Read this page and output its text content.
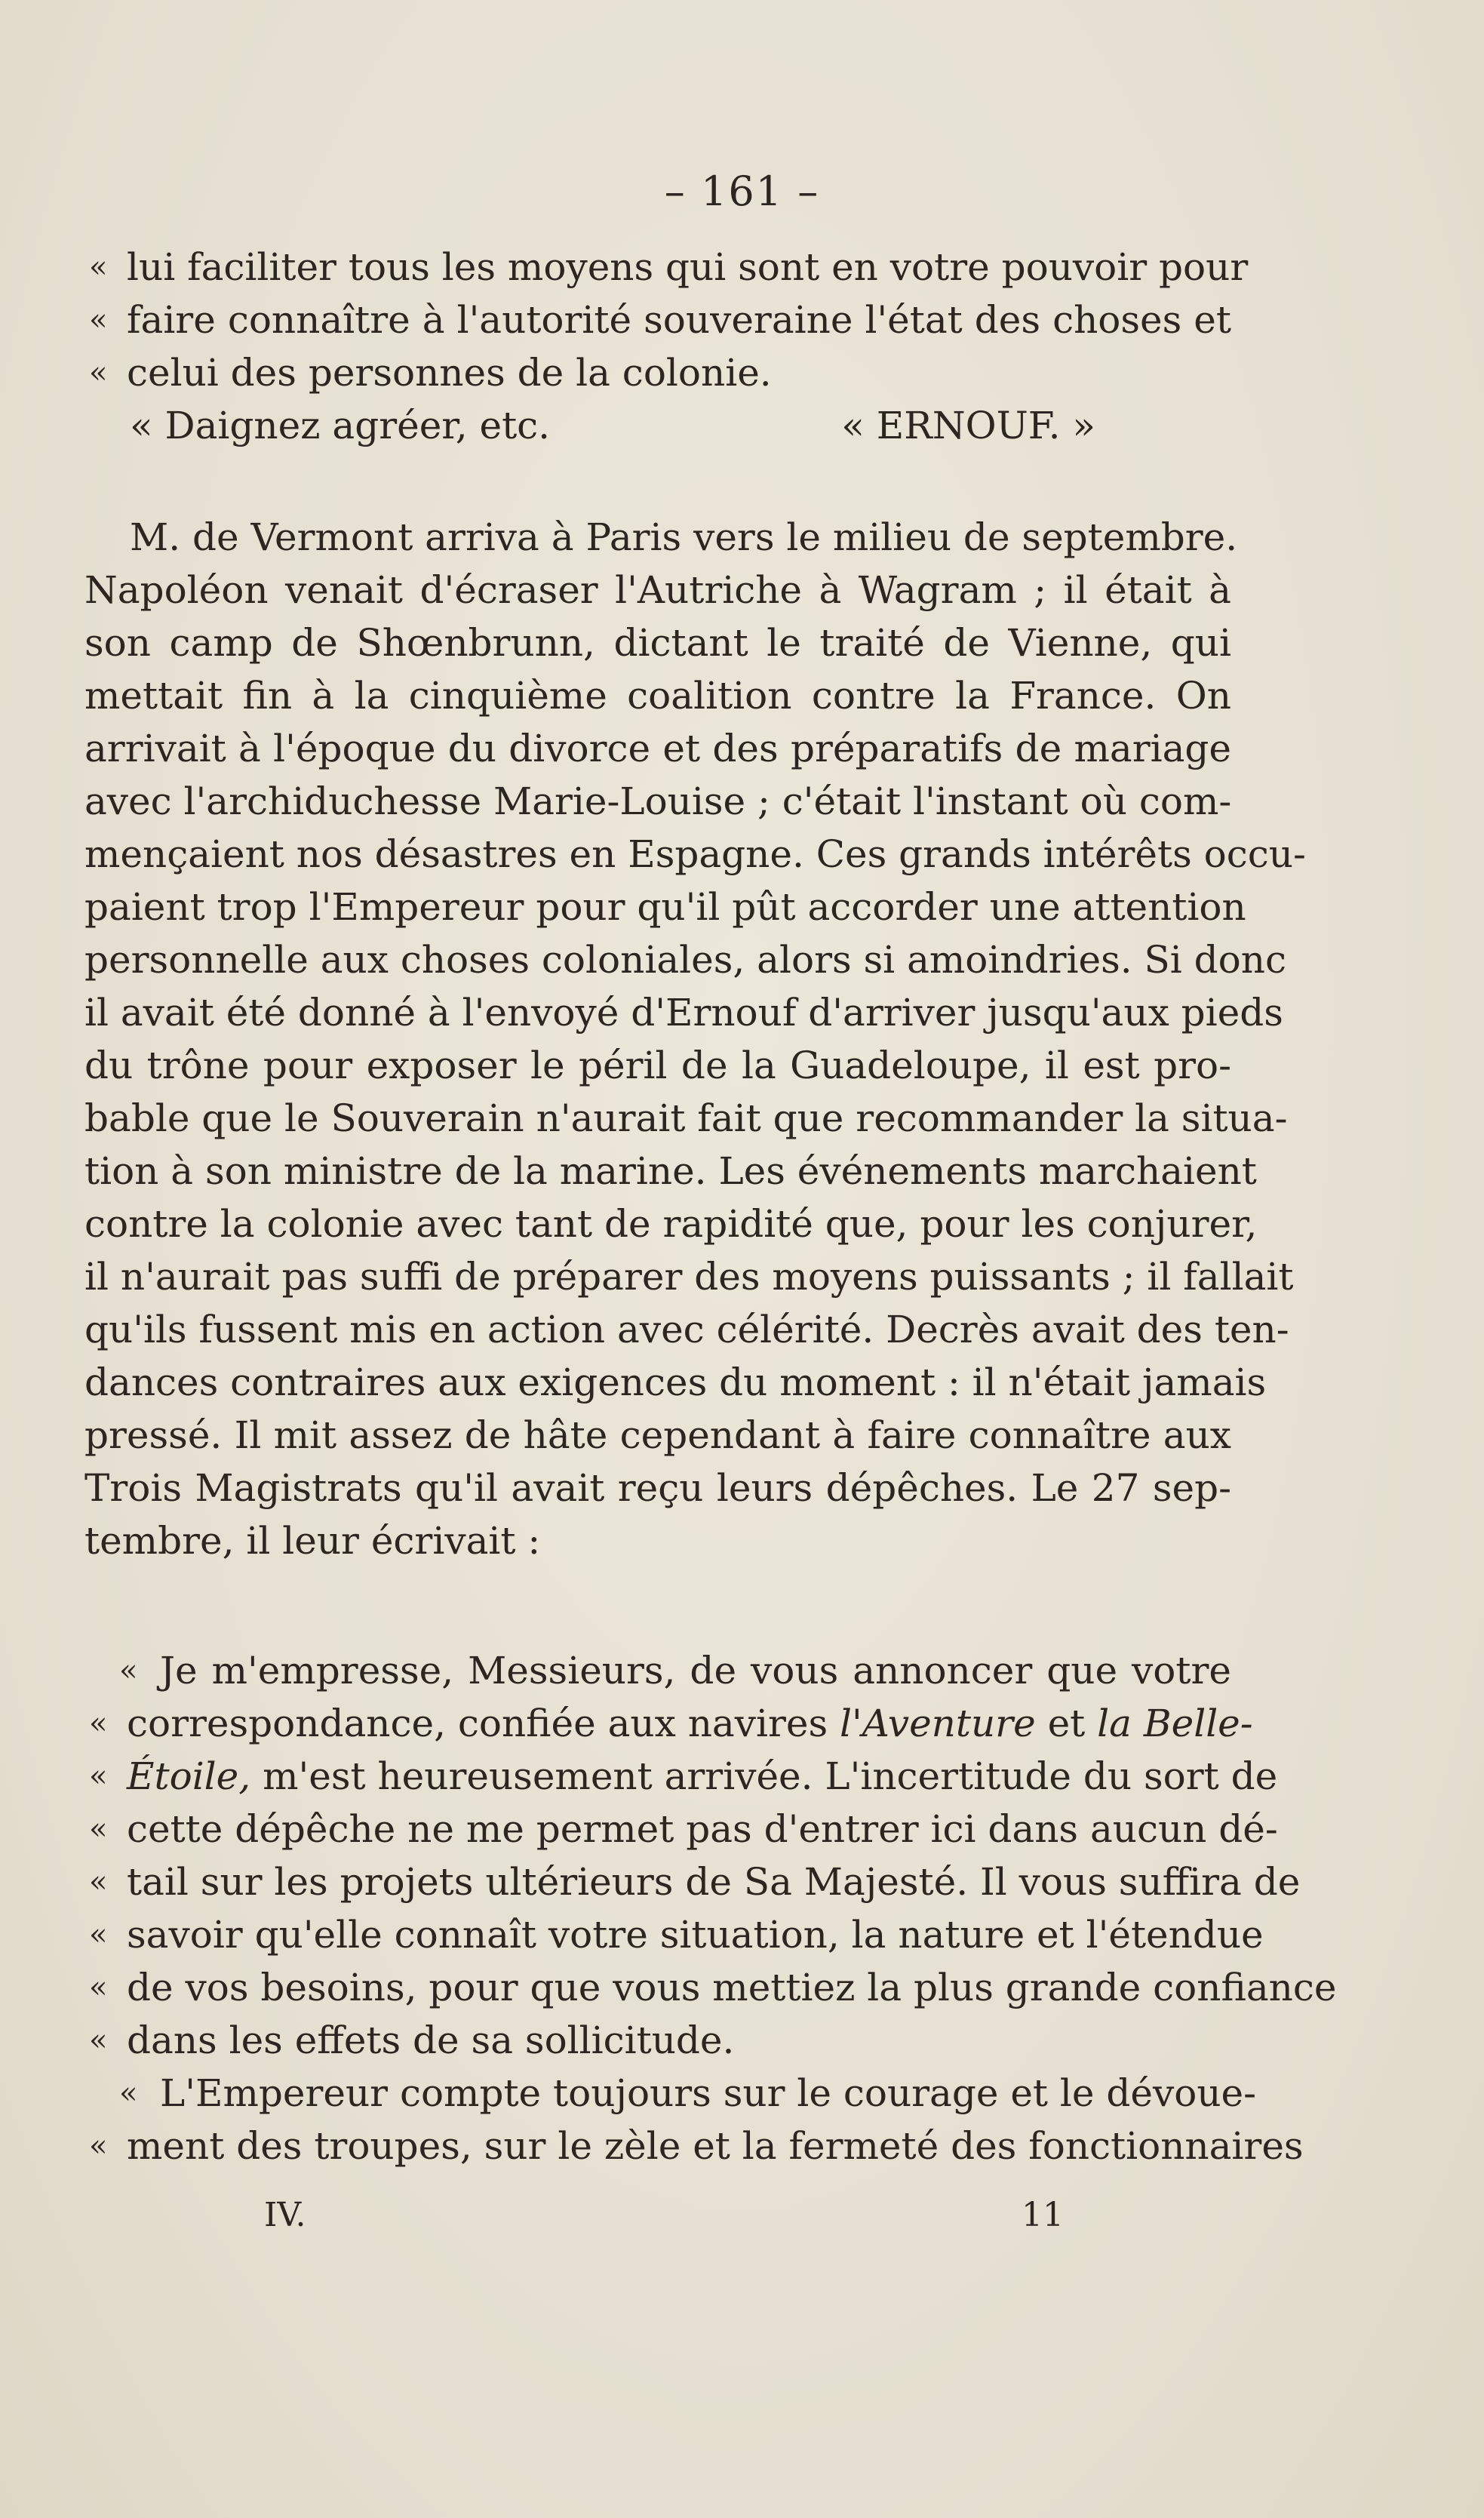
– 161 –
« lui faciliter tous les moyens qui sont en votre pouvoir pour
« faire connaître à l'autorité souveraine l'état des choses et
« celui des personnes de la colonie.
« Daignez agréer, etc.	« ERNOUF. »
M. de Vermont arriva à Paris vers le milieu de septembre.
Napoléon venait d'écraser l'Autriche à Wagram ; il était à
son camp de Shœnbrunn, dictant le traité de Vienne, qui
mettait fin à la cinquième coalition contre la France. On
arrivait à l'époque du divorce et des préparatifs de mariage
avec l'archiduchesse Marie-Louise ; c'était l'instant où com-
mençaient nos désastres en Espagne. Ces grands intérêts occu-
paient trop l'Empereur pour qu'il pût accorder une attention
personnelle aux choses coloniales, alors si amoindries. Si donc
il avait été donné à l'envoyé d'Ernouf d'arriver jusqu'aux pieds
du trône pour exposer le péril de la Guadeloupe, il est pro-
bable que le Souverain n'aurait fait que recommander la situa-
tion à son ministre de la marine. Les événements marchaient
contre la colonie avec tant de rapidité que, pour les conjurer,
il n'aurait pas suffi de préparer des moyens puissants ; il fallait
qu'ils fussent mis en action avec célérité. Decrès avait des ten-
dances contraires aux exigences du moment : il n'était jamais
pressé. Il mit assez de hâte cependant à faire connaître aux
Trois Magistrats qu'il avait reçu leurs dépêches. Le 27 sep-
tembre, il leur écrivait :
« Je m'empresse, Messieurs, de vous annoncer que votre
« correspondance, confiée aux navires l'Aventure et la Belle-
« Étoile, m'est heureusement arrivée. L'incertitude du sort de
« cette dépêche ne me permet pas d'entrer ici dans aucun dé-
« tail sur les projets ultérieurs de Sa Majesté. Il vous suffira de
« savoir qu'elle connaît votre situation, la nature et l'étendue
« de vos besoins, pour que vous mettiez la plus grande confiance
« dans les effets de sa sollicitude.
« L'Empereur compte toujours sur le courage et le dévoue-
« ment des troupes, sur le zèle et la fermeté des fonctionnaires
IV.	11
